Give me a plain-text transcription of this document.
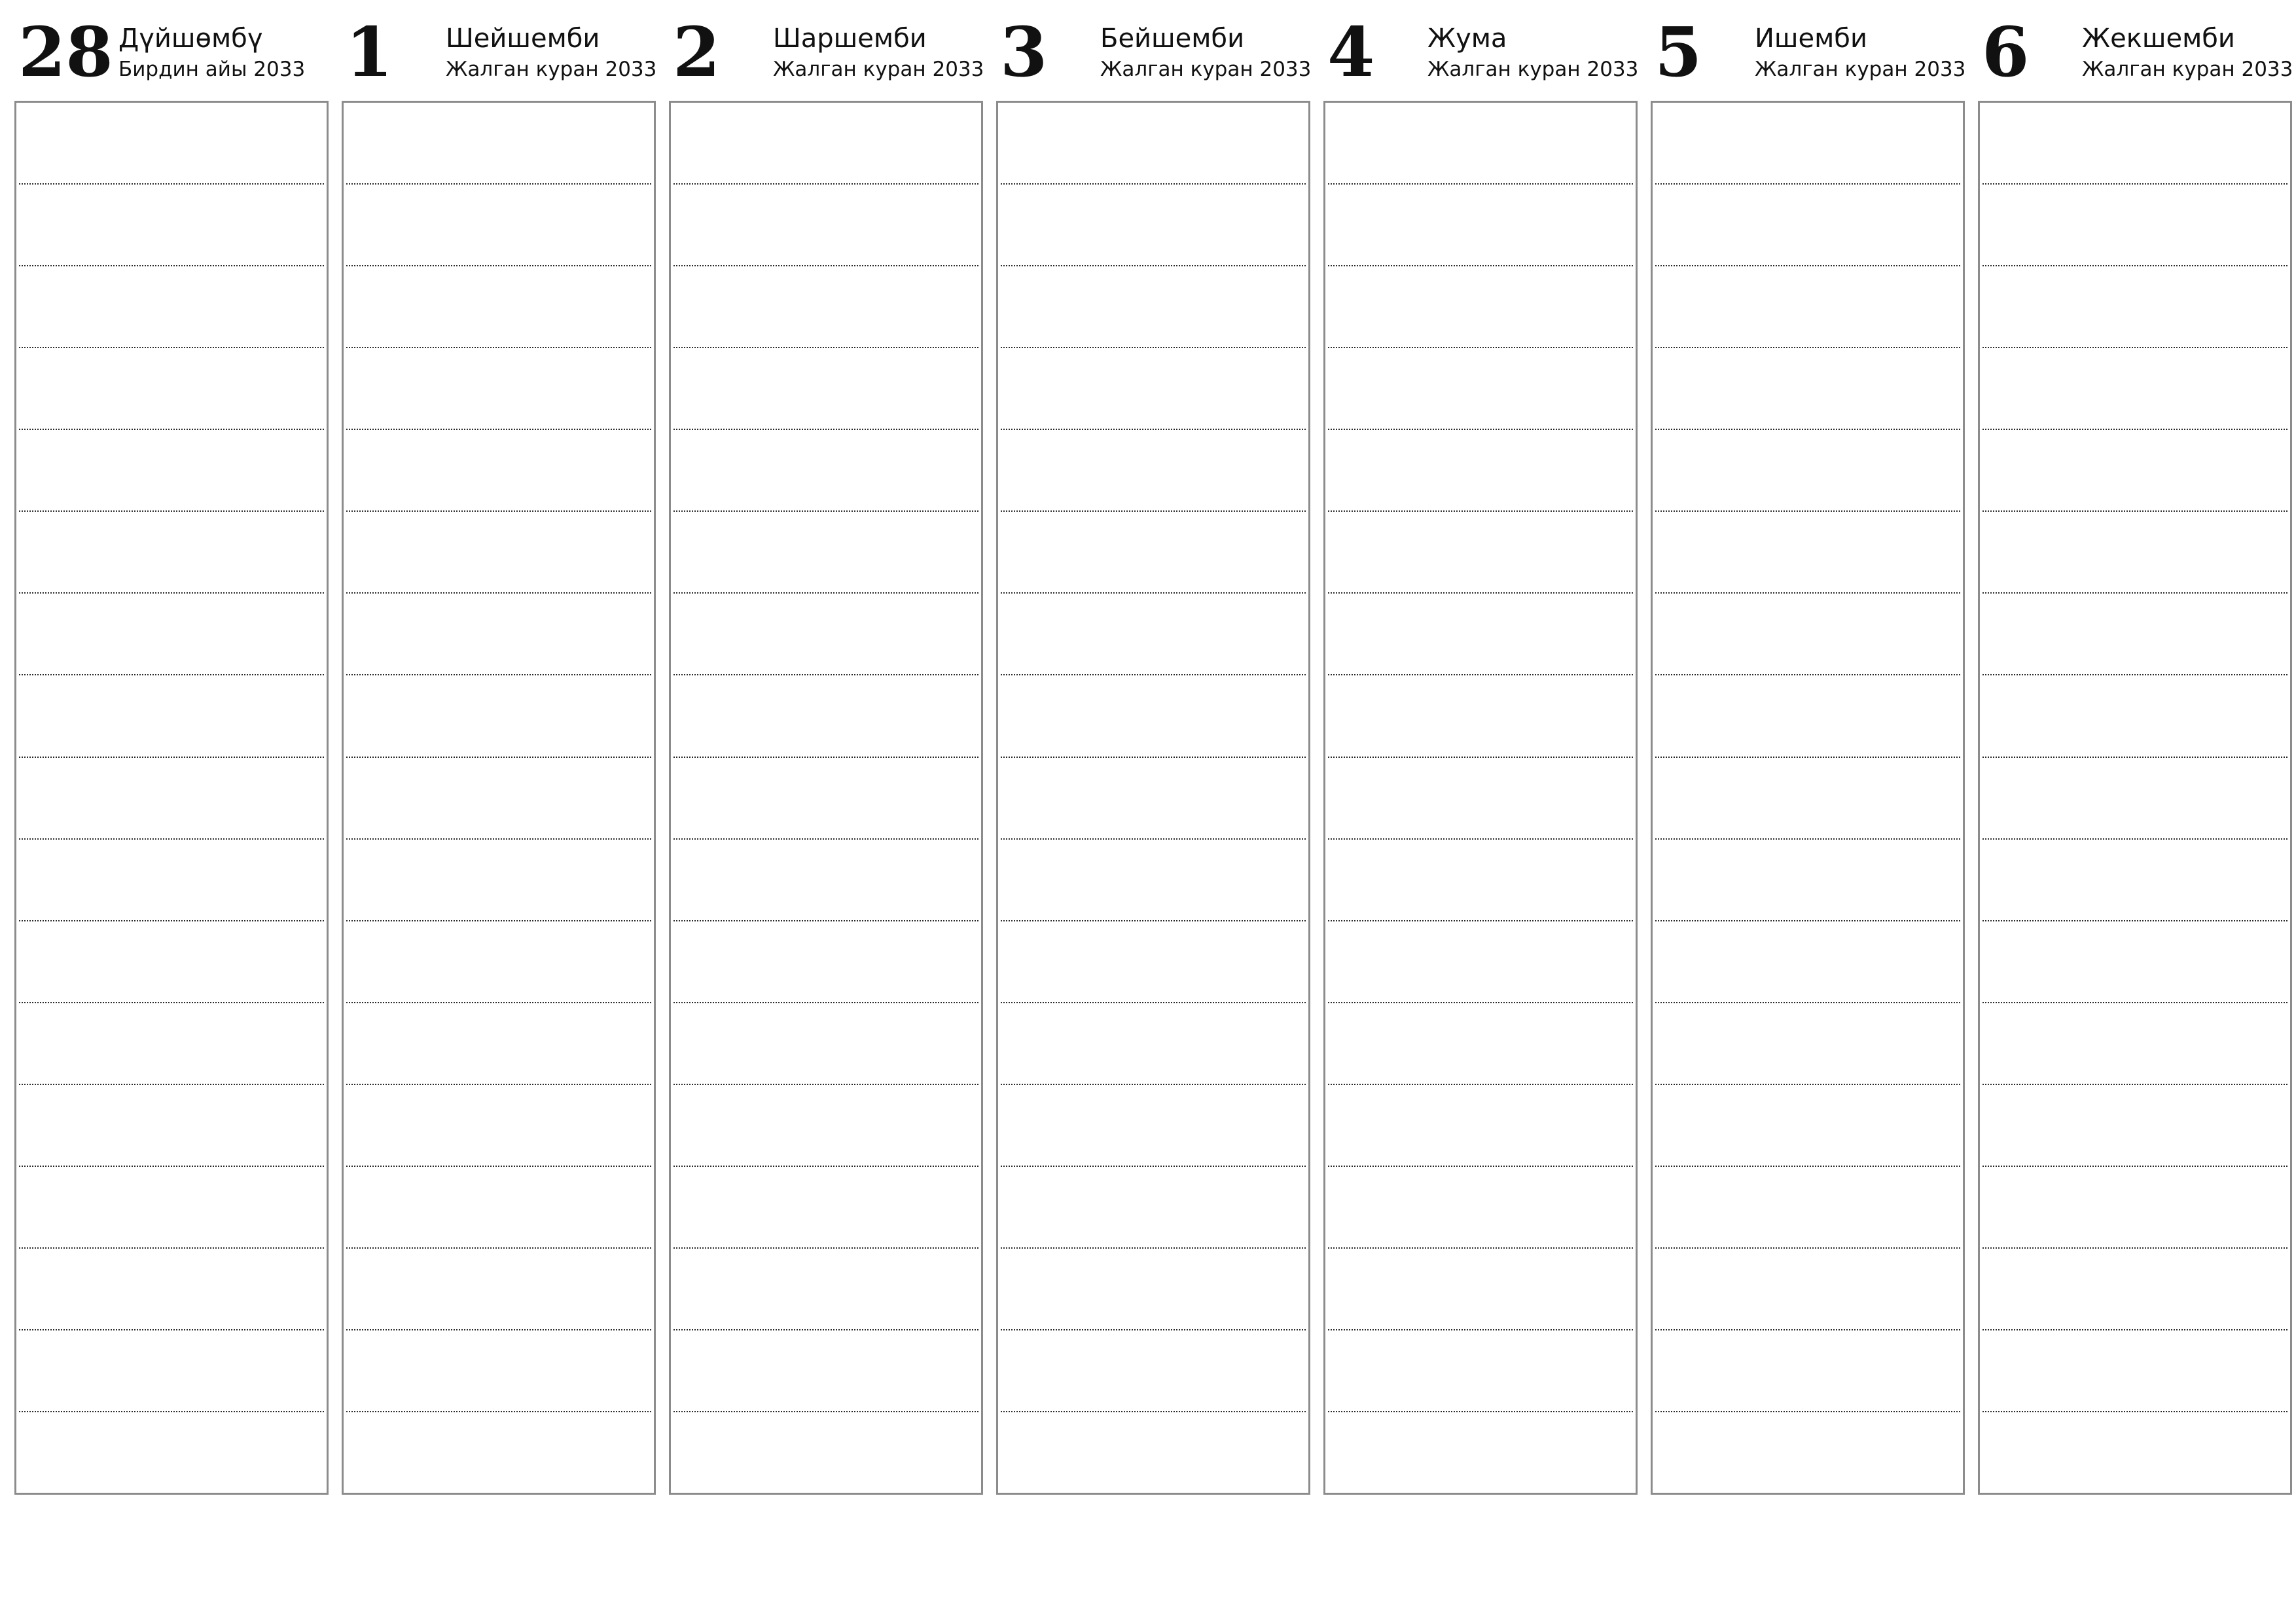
28 Дүйшөмбү
Бирдин айы 2033 1 Шейшемби
Жалган куран 2033 2 Шаршемби
Жалган куран 2033 3 Бейшемби
Жалган куран 2033 4 Жума
Жалган куран 2033 5 Ишемби
Жалган куран 2033 6 Жекшемби
Жалган куран 2033
